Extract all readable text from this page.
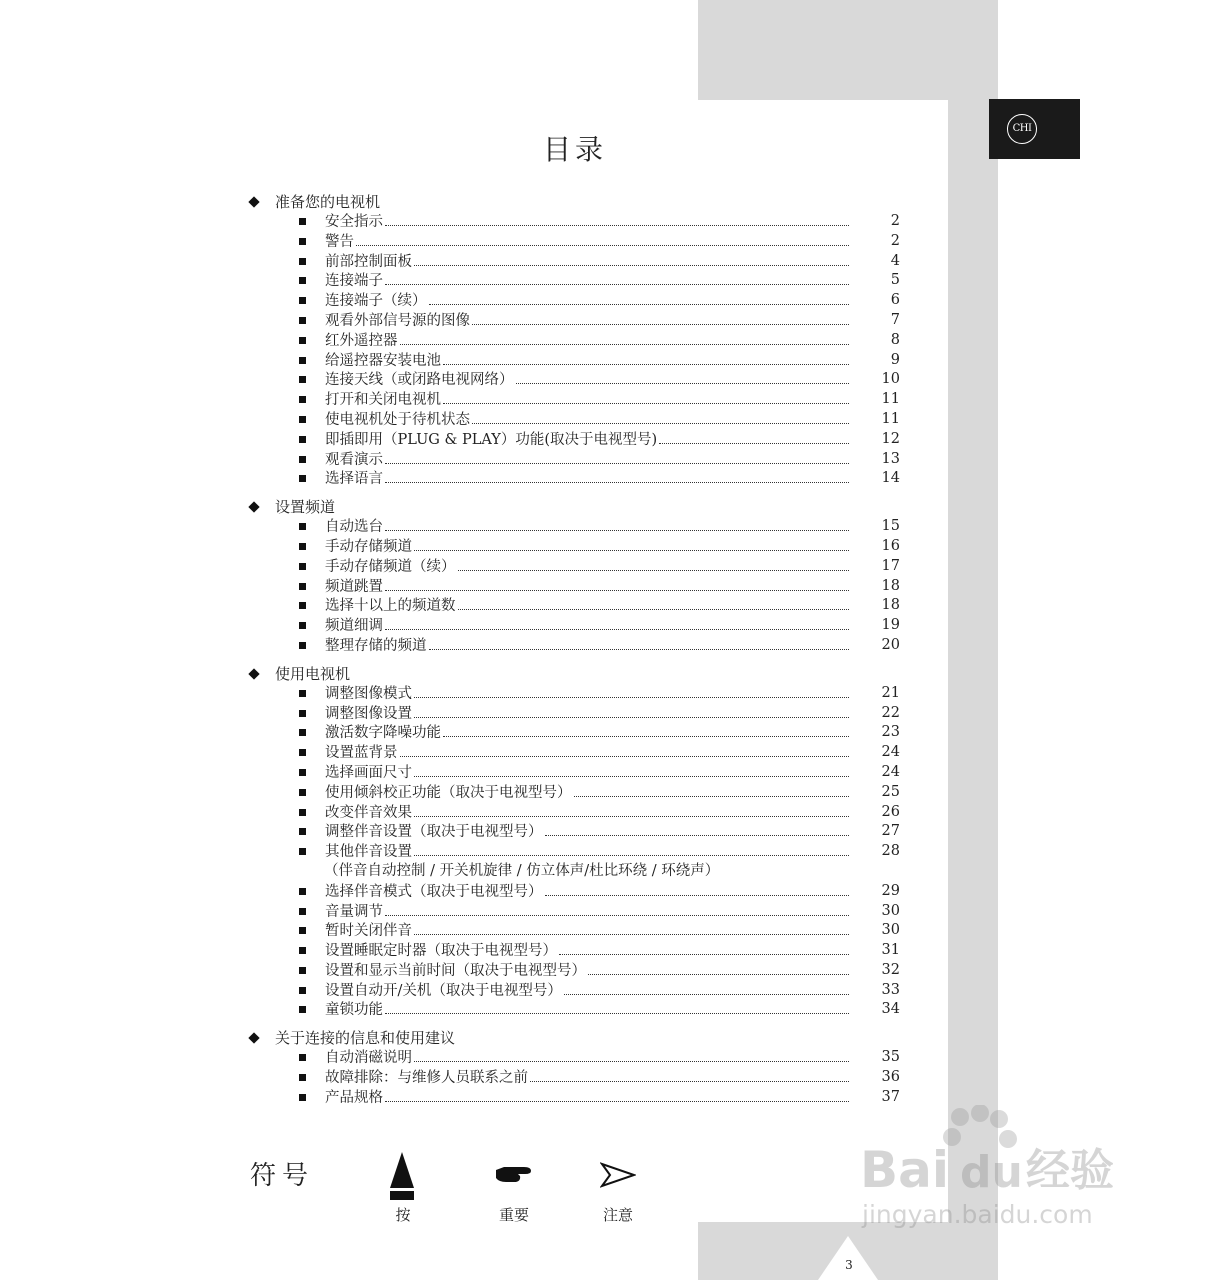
3
CHI
目录
准备您的电视机
安全指示	2
警告	2
前部控制面板	4
连接端子	5
连接端子（续）	6
观看外部信号源的图像	7
红外遥控器	8
给遥控器安装电池	9
连接天线（或闭路电视网络）	10
打开和关闭电视机	11
使电视机处于待机状态	11
即插即用（PLUG & PLAY）功能(取决于电视型号)	12
观看演示	13
选择语言	14
设置频道
自动选台	15
手动存储频道	16
手动存储频道（续）	17
频道跳置	18
选择十以上的频道数	18
频道细调	19
整理存储的频道	20
使用电视机
调整图像模式	21
调整图像设置	22
激活数字降噪功能	23
设置蓝背景	24
选择画面尺寸	24
使用倾斜校正功能（取决于电视型号）	25
改变伴音效果	26
调整伴音设置（取决于电视型号）	27
其他伴音设置	28
（伴音自动控制 / 开关机旋律 / 仿立体声/杜比环绕 / 环绕声）
选择伴音模式（取决于电视型号）	29
音量调节	30
暂时关闭伴音	30
设置睡眠定时器（取决于电视型号）	31
设置和显示当前时间（取决于电视型号）	32
设置自动开/关机（取决于电视型号）	33
童锁功能	34
关于连接的信息和使用建议
自动消磁说明	35
故障排除：与维修人员联系之前	36
产品规格	37
符号
按	重要	注意
Bai du 经验
jingyan.baidu.com
